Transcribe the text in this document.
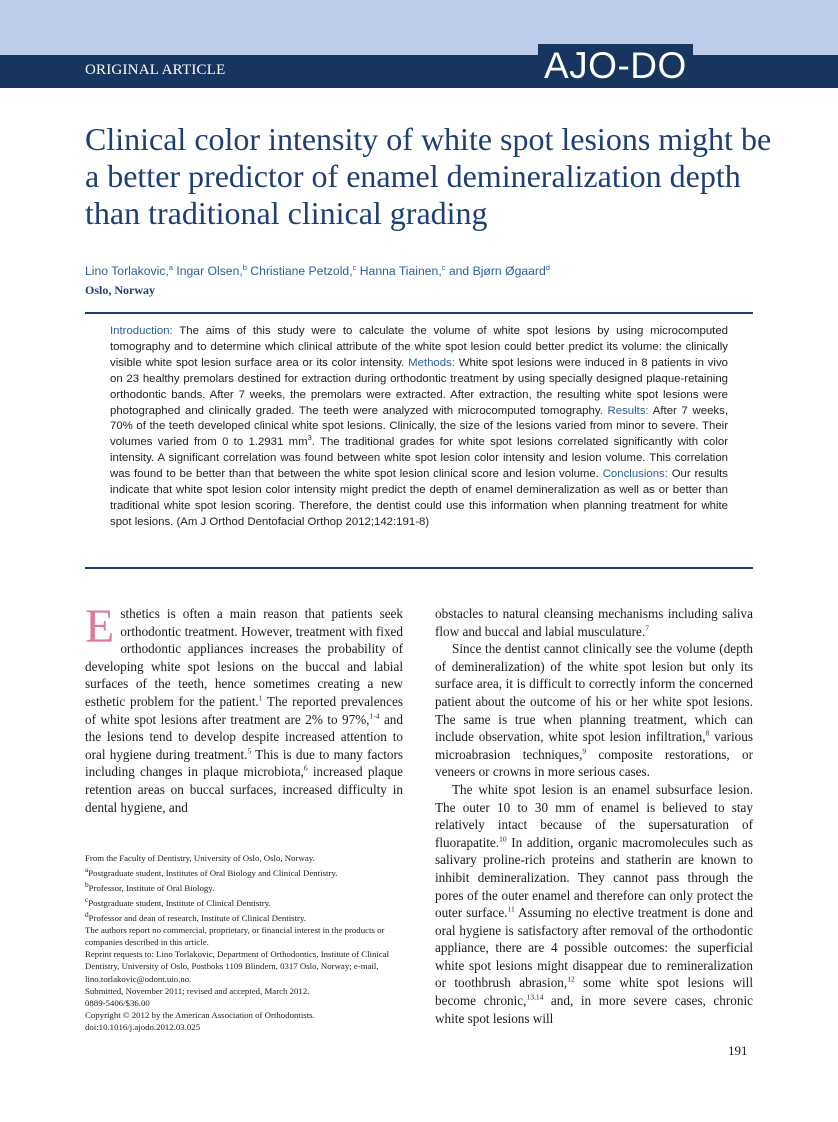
ORIGINAL ARTICLE	AJO-DO
Clinical color intensity of white spot lesions might be a better predictor of enamel demineralization depth than traditional clinical grading
Lino Torlakovic,$^a$ Ingar Olsen,$^b$ Christiane Petzold,$^c$ Hanna Tiainen,$^c$ and Bjørn Øgaard$^d$
Oslo, Norway

Introduction: The aims of this study were to calculate the volume of white spot lesions by using microcomputed tomography and to determine which clinical attribute of the white spot lesion could better predict its volume: the clinically visible white spot lesion surface area or its color intensity. Methods: White spot lesions were induced in 8 patients in vivo on 23 healthy premolars destined for extraction during orthodontic treatment by using specially designed plaque-retaining orthodontic bands. After 7 weeks, the premolars were extracted. After extraction, the resulting white spot lesions were photographed and clinically graded. The teeth were analyzed with microcomputed tomography. Results: After 7 weeks, 70% of the teeth developed clinical white spot lesions. Clinically, the size of the lesions varied from minor to severe. Their volumes varied from 0 to 1.2931 $mm^3$. The traditional grades for white spot lesions correlated significantly with color intensity. A significant correlation was found between white spot lesion color intensity and lesion volume. This correlation was found to be better than that between the white spot lesion clinical score and lesion volume. Conclusions: Our results indicate that white spot lesion color intensity might predict the depth of enamel demineralization as well as or better than traditional white spot lesion scoring. Therefore, the dentist could use this information when planning treatment for white spot lesions. (Am J Orthod Dentofacial Orthop 2012;142:191-8)

Esthetics is often a main reason that patients seek orthodontic treatment. However, treatment with fixed orthodontic appliances increases the probability of developing white spot lesions on the buccal and labial surfaces of the teeth, hence sometimes creating a new esthetic problem for the patient.$^1$ The reported prevalences of white spot lesions after treatment are 2% to 97%,$^{1-4}$ and the lesions tend to develop despite increased attention to oral hygiene during treatment.$^5$ This is due to many factors including changes in plaque microbiota,$^6$ increased plaque retention areas on buccal surfaces, increased difficulty in dental hygiene, and

obstacles to natural cleansing mechanisms including saliva flow and buccal and labial musculature.$^7$

Since the dentist cannot clinically see the volume (depth of demineralization) of the white spot lesion but only its surface area, it is difficult to correctly inform the concerned patient about the outcome of his or her white spot lesions. The same is true when planning treatment, which can include observation, white spot lesion infiltration,$^8$ various microabrasion techniques,$^9$ composite restorations, or veneers or crowns in more serious cases.

The white spot lesion is an enamel subsurface lesion. The outer 10 to 30 mm of enamel is believed to stay relatively intact because of the supersaturation of fluorapatite.$^{10}$ In addition, organic macromolecules such as salivary proline-rich proteins and statherin are known to inhibit demineralization. They cannot pass through the pores of the outer enamel and therefore can only protect the outer surface.$^{11}$ Assuming no elective treatment is done and oral hygiene is satisfactory after removal of the orthodontic appliance, there are 4 possible outcomes: the superficial white spot lesions might disappear due to remineralization or toothbrush abrasion,$^{12}$ some white spot lesions will become chronic,$^{13,14}$ and, in more severe cases, chronic white spot lesions will

From the Faculty of Dentistry, University of Oslo, Oslo, Norway.
$^a$Postgraduate student, Institutes of Oral Biology and Clinical Dentistry.
$^b$Professor, Institute of Oral Biology.
$^c$Postgraduate student, Institute of Clinical Dentistry.
$^d$Professor and dean of research, Institute of Clinical Dentistry.
The authors report no commercial, proprietary, or financial interest in the products or companies described in this article.
Reprint requests to: Lino Torlakovic, Department of Orthodontics, Institute of Clinical Dentistry, University of Oslo, Postboks 1109 Blindern, 0317 Oslo, Norway; e-mail, lino.torlakovic@odont.uio.no.
Submitted, November 2011; revised and accepted, March 2012.
0889-5406/$36.00
Copyright © 2012 by the American Association of Orthodontists.
doi:10.1016/j.ajodo.2012.03.025
191
